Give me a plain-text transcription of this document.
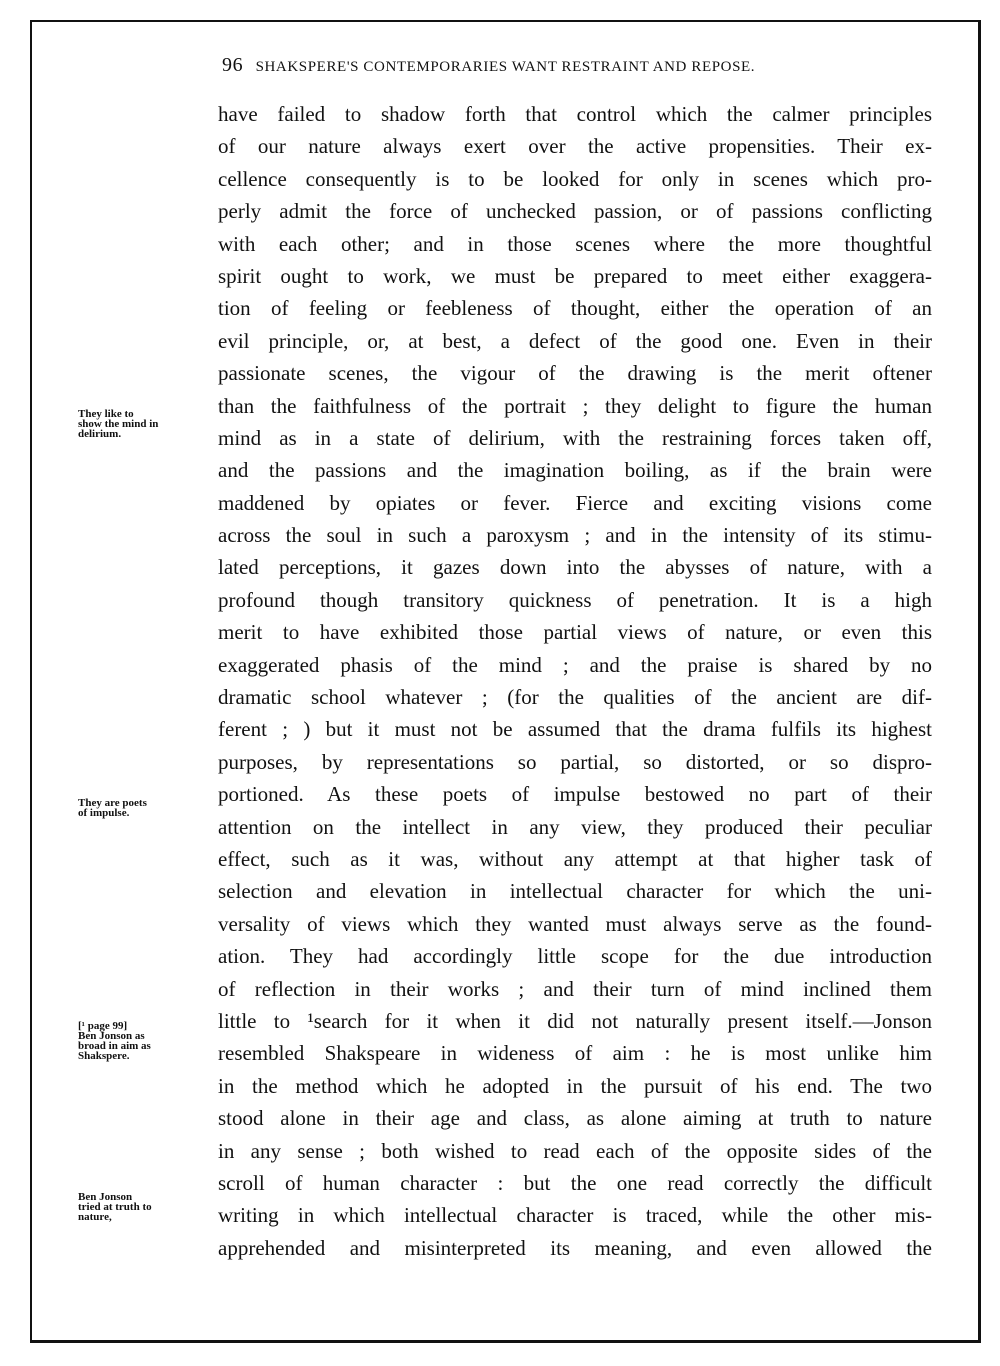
96 SHAKSPERE'S CONTEMPORARIES WANT RESTRAINT AND REPOSE.
have failed to shadow forth that control which the calmer principles
of our nature always exert over the active propensities. Their ex-
cellence consequently is to be looked for only in scenes which pro-
perly admit the force of unchecked passion, or of passions conflicting
with each other; and in those scenes where the more thoughtful
spirit ought to work, we must be prepared to meet either exaggera-
tion of feeling or feebleness of thought, either the operation of an
evil principle, or, at best, a defect of the good one. Even in their
passionate scenes, the vigour of the drawing is the merit oftener
than the faithfulness of the portrait ; they delight to figure the human
mind as in a state of delirium, with the restraining forces taken off,
and the passions and the imagination boiling, as if the brain were
maddened by opiates or fever. Fierce and exciting visions come
across the soul in such a paroxysm ; and in the intensity of its stimu-
lated perceptions, it gazes down into the abysses of nature, with a
profound though transitory quickness of penetration. It is a high
merit to have exhibited those partial views of nature, or even this
exaggerated phasis of the mind ; and the praise is shared by no
dramatic school whatever ; (for the qualities of the ancient are dif-
ferent ; ) but it must not be assumed that the drama fulfils its highest
purposes, by representations so partial, so distorted, or so dispro-
portioned. As these poets of impulse bestowed no part of their
attention on the intellect in any view, they produced their peculiar
effect, such as it was, without any attempt at that higher task of
selection and elevation in intellectual character for which the uni-
versality of views which they wanted must always serve as the found-
ation. They had accordingly little scope for the due introduction
of reflection in their works ; and their turn of mind inclined them
little to ¹search for it when it did not naturally present itself.—Jonson
resembled Shakspeare in wideness of aim : he is most unlike him
in the method which he adopted in the pursuit of his end. The two
stood alone in their age and class, as alone aiming at truth to nature
in any sense ; both wished to read each of the opposite sides of the
scroll of human character : but the one read correctly the difficult
writing in which intellectual character is traced, while the other mis-
apprehended and misinterpreted its meaning, and even allowed the
They like to
show the mind in
delirium.
They are poets
of impulse.
[¹ page 99]
Ben Jonson as
broad in aim as
Shakspere.
Ben Jonson
tried at truth to
nature,
